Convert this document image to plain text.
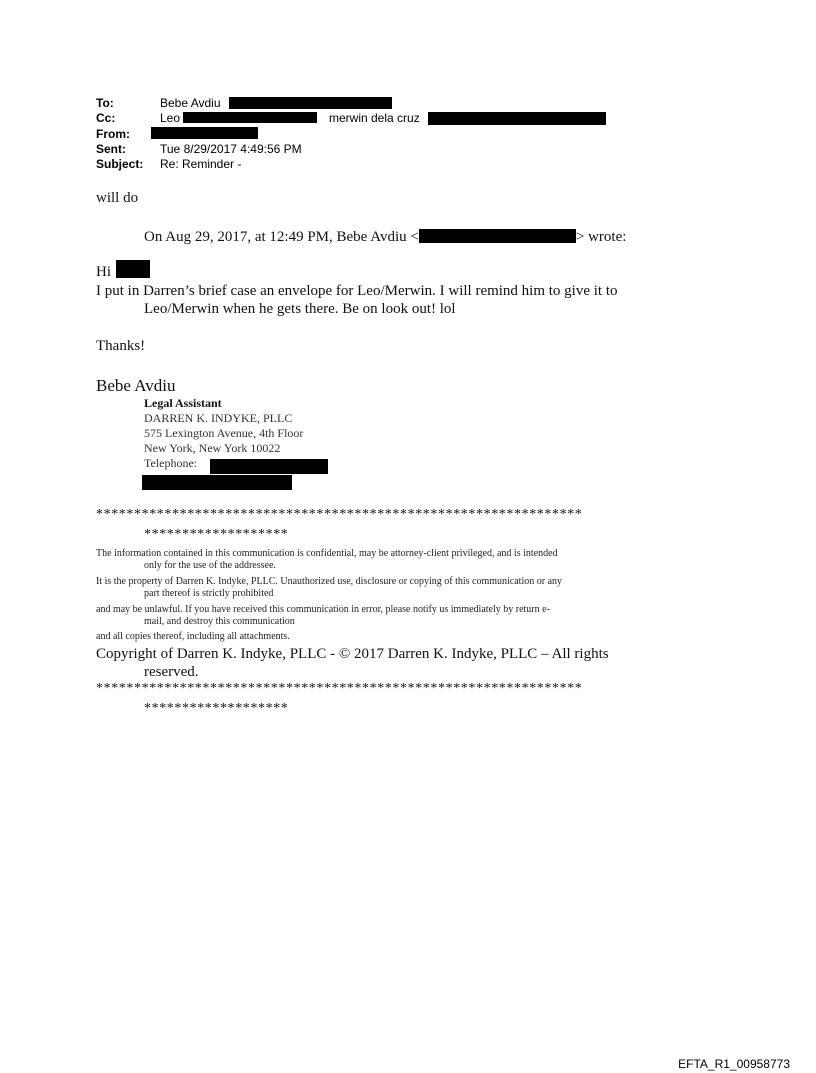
To:	Bebe Avdiu
Cc:	Leo	merwin dela cruz
From:
Sent:	Tue 8/29/2017 4:49:56 PM
Subject: Re: Reminder -
will do
On Aug 29, 2017, at 12:49 PM, Bebe Avdiu <	> wrote:
Hi
I put in Darren’s brief case an envelope for Leo/Merwin. I will remind him to give it to
Leo/Merwin when he gets there. Be on look out! lol
Thanks!
Bebe Avdiu
Legal Assistant
DARREN K. INDYKE, PLLC
575 Lexington Avenue, 4th Floor
New York, New York 10022
Telephone:
****************************************************************
*******************
The information contained in this communication is confidential, may be attorney-client privileged, and is intended
only for the use of the addressee.
It is the property of Darren K. Indyke, PLLC. Unauthorized use, disclosure or copying of this communication or any
part thereof is strictly prohibited
and may be unlawful. If you have received this communication in error, please notify us immediately by return e-
mail, and destroy this communication
and all copies thereof, including all attachments.
Copyright of Darren K. Indyke, PLLC - © 2017 Darren K. Indyke, PLLC – All rights
reserved.
****************************************************************
*******************
EFTA_R1_00958773
